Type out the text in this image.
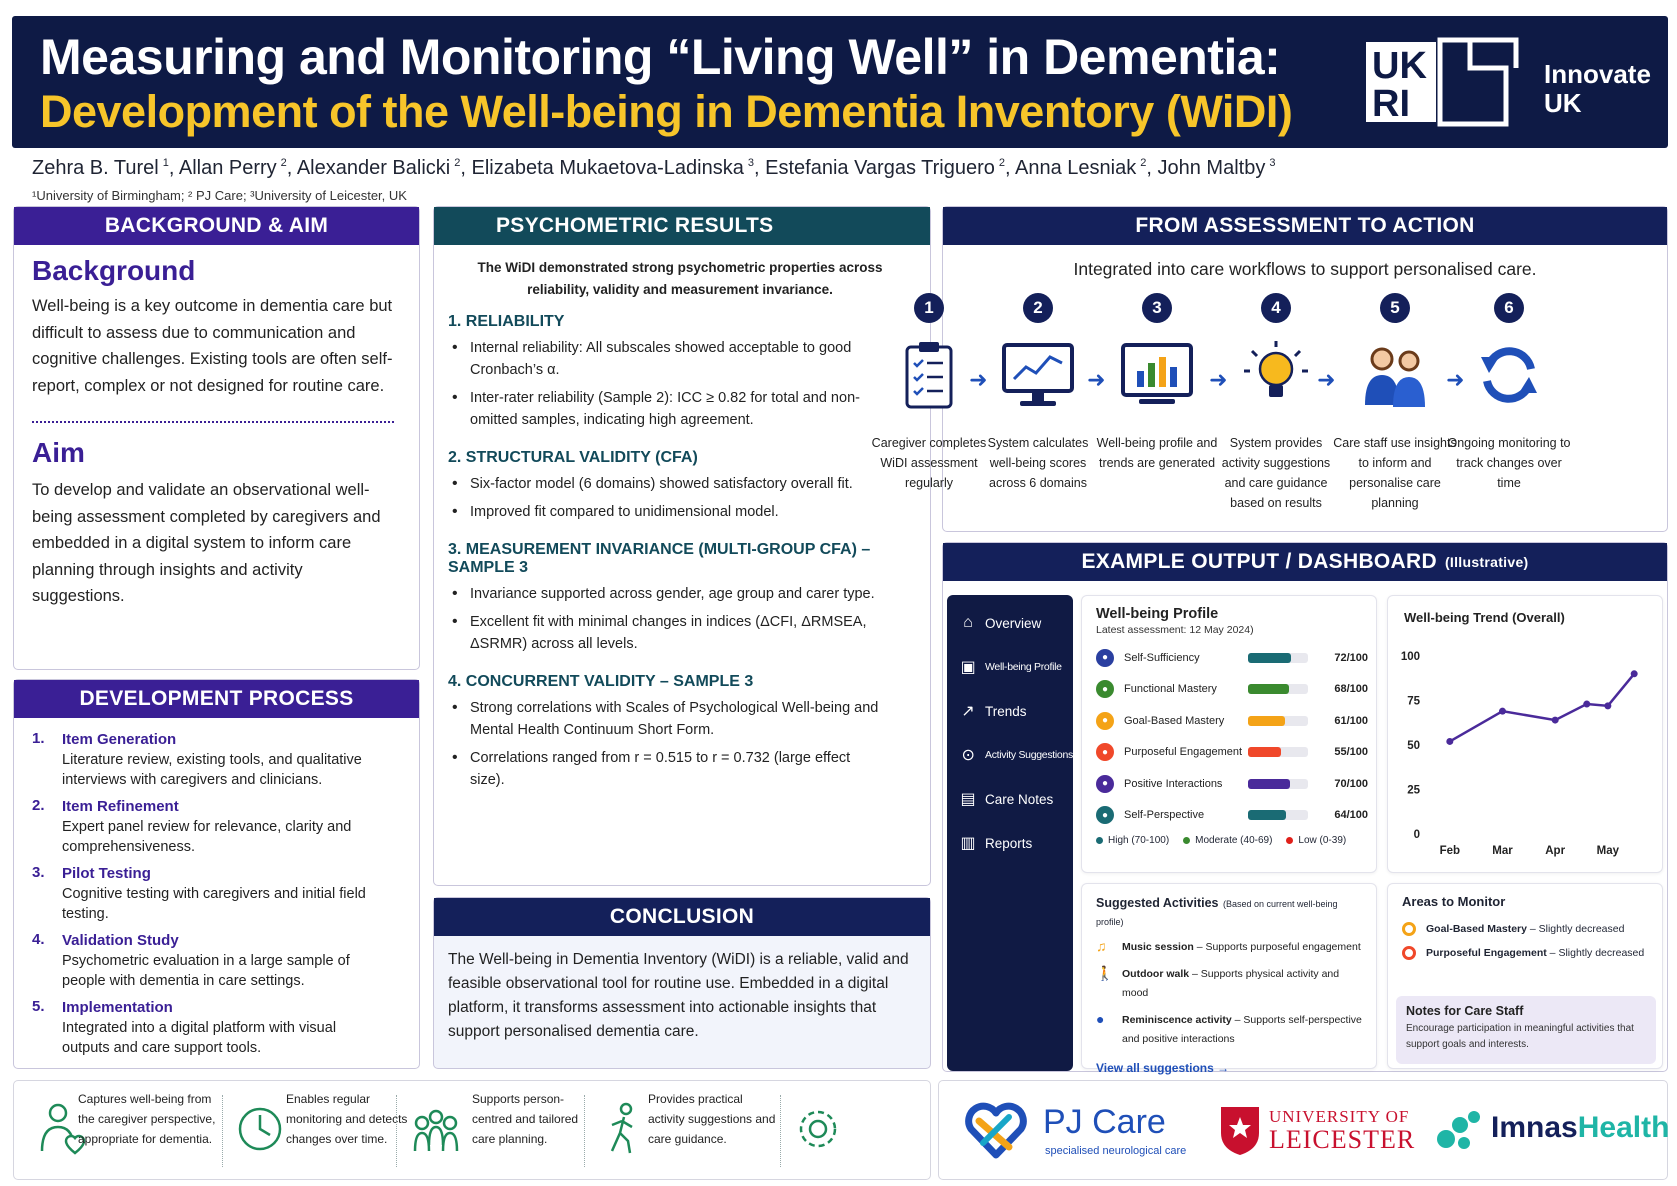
Measuring and Monitoring “Living Well” in Dementia:
Development of the Well-being in Dementia Inventory (WiDI)
UK
RI
Innovate
UK
Zehra B. Turel $^1$, Allan Perry $^2$, Alexander Balicki $^2$, Elizabeta Mukaetova-Ladinska $^3$, Estefania Vargas Triguero $^2$, Anna Lesniak $^2$, John Maltby $^3$
¹University of Birmingham; ² PJ Care; ³University of Leicester, UK
BACKGROUND & AIM
Background
Well-being is a key outcome in dementia care but difficult to assess due to communication and cognitive challenges. Existing tools are often self-report, complex or not designed for routine care.
Aim
To develop and validate an observational well-being assessment completed by caregivers and embedded in a digital system to inform care planning through insights and activity suggestions.
DEVELOPMENT PROCESS
1.	Item Generation
Literature review, existing tools, and qualitative interviews with caregivers and clinicians.
2.	Item Refinement
Expert panel review for relevance, clarity and comprehensiveness.
3.	Pilot Testing
Cognitive testing with caregivers and initial field testing.
4.	Validation Study
Psychometric evaluation in a large sample of people with dementia in care settings.
5.	Implementation
Integrated into a digital platform with visual outputs and care support tools.
PSYCHOMETRIC RESULTS
The WiDI demonstrated strong psychometric properties across reliability, validity and measurement invariance.
1. RELIABILITY
• Internal reliability: All subscales showed acceptable to good Cronbach’s α.
• Inter-rater reliability (Sample 2): ICC ≥ 0.82 for total and non-omitted samples, indicating high agreement.
2. STRUCTURAL VALIDITY (CFA)
• Six-factor model (6 domains) showed satisfactory overall fit.
• Improved fit compared to unidimensional model.
3. MEASUREMENT INVARIANCE (MULTI-GROUP CFA) – SAMPLE 3
• Invariance supported across gender, age group and carer type.
• Excellent fit with minimal changes in indices (ΔCFI, ΔRMSEA, ΔSRMR) across all levels.
4. CONCURRENT VALIDITY – SAMPLE 3
• Strong correlations with Scales of Psychological Well-being and Mental Health Continuum Short Form.
• Correlations ranged from r = 0.515 to r = 0.732 (large effect size).
CONCLUSION
The Well-being in Dementia Inventory (WiDI) is a reliable, valid and feasible observational tool for routine use. Embedded in a digital platform, it transforms assessment into actionable insights that support personalised dementia care.
FROM ASSESSMENT TO ACTION
Integrated into care workflows to support personalised care.
1
Caregiver completes WiDI assessment regularly
2
System calculates well-being scores across 6 domains
3
Well-being profile and trends are generated
4
System provides activity suggestions and care guidance based on results
5
Care staff use insights to inform and personalise care planning
6
Ongoing monitoring to track changes over time
➜	➜	➜	➜	➜
EXAMPLE OUTPUT / DASHBOARD (Illustrative)
⌂ Overview
▣ Well-being Profile
↗ Trends
⊙ Activity Suggestions
▤ Care Notes
▥ Reports
Well-being Profile
Latest assessment: 12 May 2024)
●	Self-Sufficiency	72/100
●	Functional Mastery	68/100
●	Goal-Based Mastery	61/100
●	Purposeful Engagement	55/100
●	Positive Interactions	70/100
●	Self-Perspective	64/100
High (70-100)	Moderate (40-69)	Low (0-39)
Well-being Trend (Overall)
0
25
50
75
100
Feb	Mar	Apr	May
Suggested Activities (Based on current well-being profile)
♫	Music session – Supports purposeful engagement
🚶 Outdoor walk – Supports physical activity and mood
●	Reminiscence activity – Supports self-perspective and positive interactions
View all suggestions →
Areas to Monitor
Goal-Based Mastery – Slightly decreased
Purposeful Engagement – Slightly decreased
Notes for Care Staff
Encourage participation in meaningful activities that support goals and interests.
Captures well-being from the caregiver perspective, appropriate for dementia.
Enables regular monitoring and detects changes over time.
Supports person-centred and tailored care planning.
Provides practical activity suggestions and care guidance.	PJ Care
specialised neurological care
UNIVERSITY OF
LEICESTER	ImnasHealth
